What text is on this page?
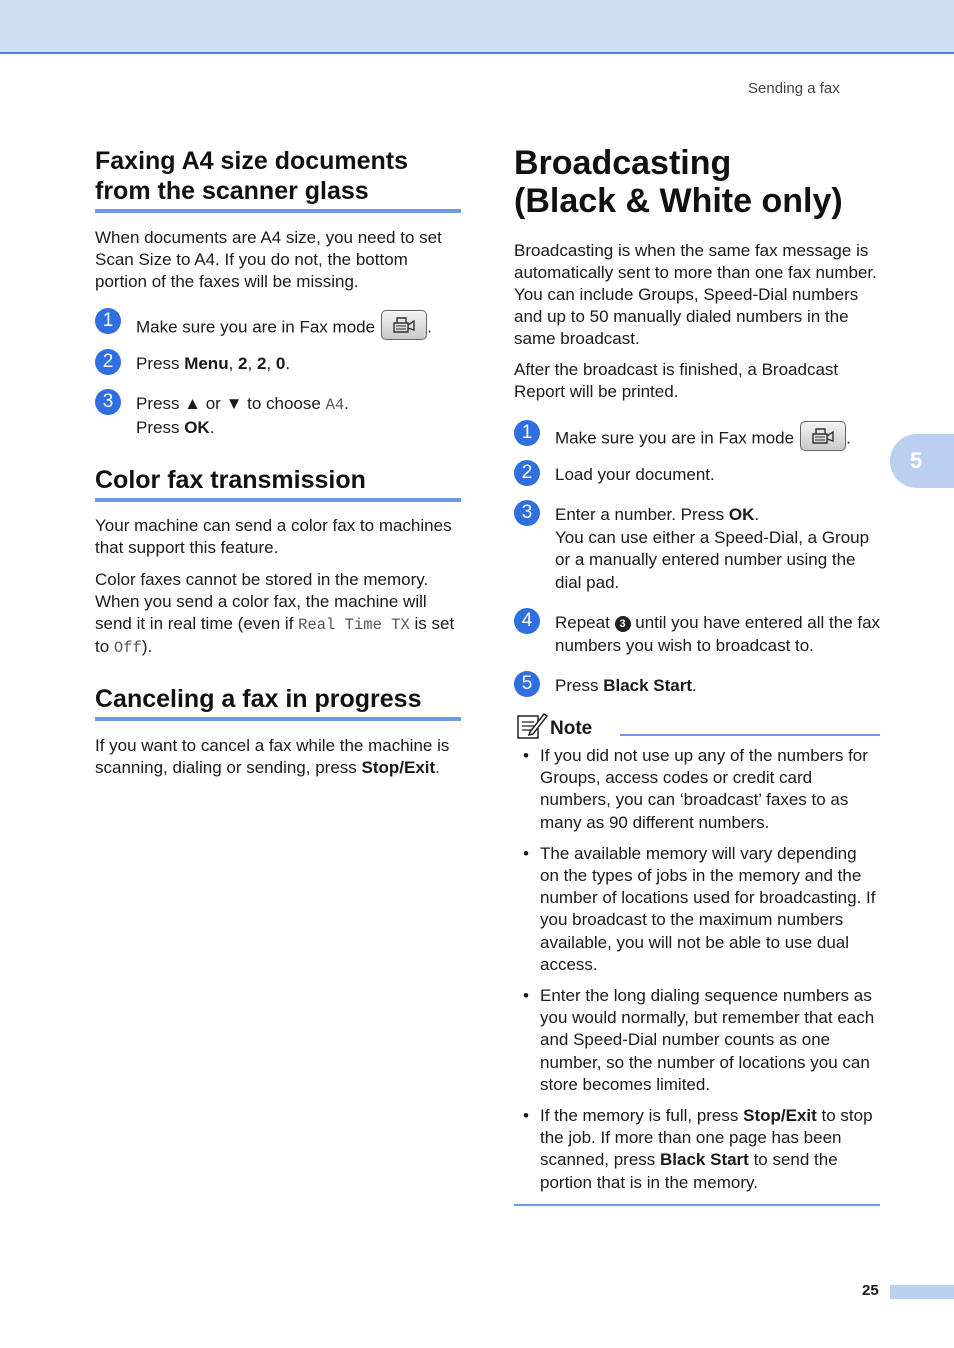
Sending a fax
5
25
Faxing A4 size documents
from the scanner glass

When documents are A4 size, you need to set Scan Size to A4. If you do not, the bottom portion of the faxes will be missing.

1	Make sure you are in Fax mode	.
2	Press Menu, 2, 2, 0.
3	Press ▲ or ▼ to choose A4.
Press OK.
Color fax transmission

Your machine can send a color fax to machines that support this feature.

Color faxes cannot be stored in the memory. When you send a color fax, the machine will send it in real time (even if Real Time TX is set to Off).

Canceling a fax in progress

If you want to cancel a fax while the machine is scanning, dialing or sending, press Stop/Exit.

Broadcasting
(Black & White only)

Broadcasting is when the same fax message is automatically sent to more than one fax number. You can include Groups, Speed-Dial numbers and up to 50 manually dialed numbers in the same broadcast.

After the broadcast is finished, a Broadcast Report will be printed.

1	Make sure you are in Fax mode	.
2	Load your document.
3	Enter a number. Press OK.
You can use either a Speed-Dial, a Group or a manually entered number using the dial pad.
4	Repeat 3 until you have entered all the fax numbers you wish to broadcast to.
5	Press Black Start.
Note
• If you did not use up any of the numbers for Groups, access codes or credit card numbers, you can ‘broadcast’ faxes to as many as 90 different numbers.
• The available memory will vary depending on the types of jobs in the memory and the number of locations used for broadcasting. If you broadcast to the maximum numbers available, you will not be able to use dual access.
• Enter the long dialing sequence numbers as you would normally, but remember that each and Speed-Dial number counts as one number, so the number of locations you can store becomes limited.
• If the memory is full, press Stop/Exit to stop the job. If more than one page has been scanned, press Black Start to send the portion that is in the memory.
